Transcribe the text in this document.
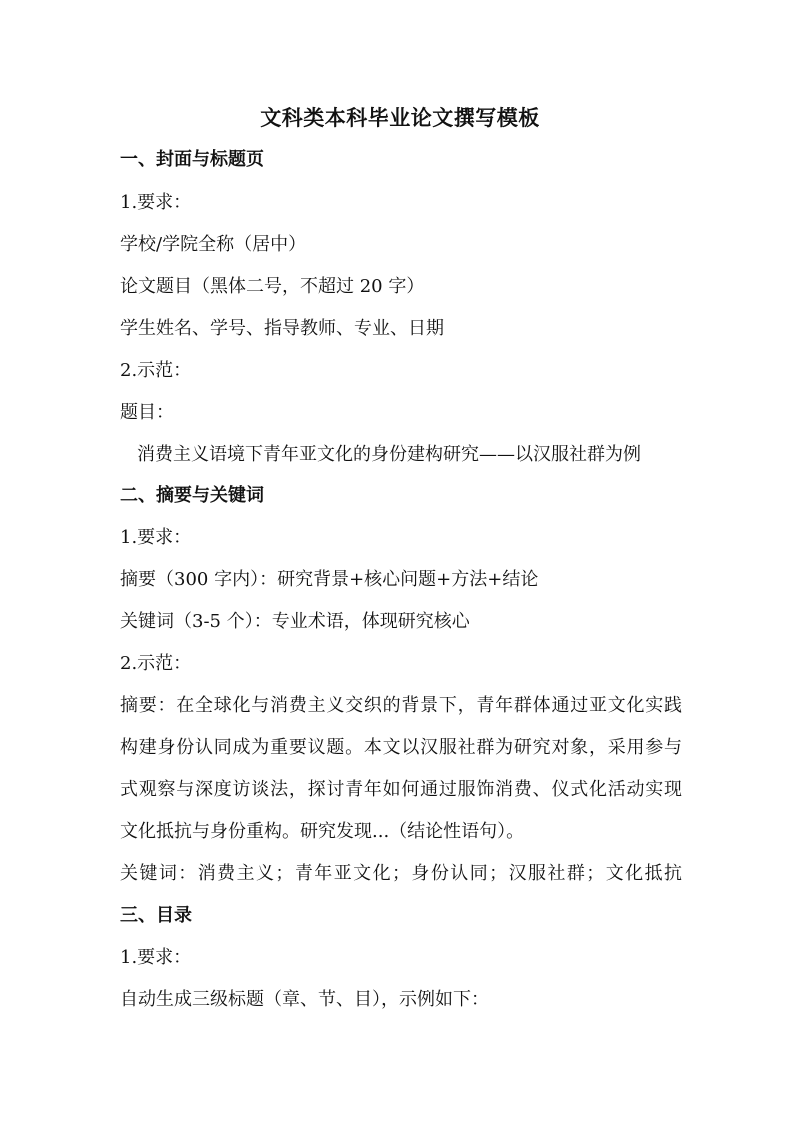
文科类本科毕业论文撰写模板
一、封面与标题页
1.要求：
学校/学院全称（居中）
论文题目（黑体二号，不超过 20 字）
学生姓名、学号、指导教师、专业、日期
2.示范：
题目：
消费主义语境下青年亚文化的身份建构研究——以汉服社群为例
二、摘要与关键词
1.要求：
摘要（300 字内）：研究背景+核心问题+方法+结论
关键词（3-5 个）：专业术语，体现研究核心
2.示范：
摘要：在全球化与消费主义交织的背景下，青年群体通过亚文化实践
构建身份认同成为重要议题。本文以汉服社群为研究对象，采用参与
式观察与深度访谈法，探讨青年如何通过服饰消费、仪式化活动实现
文化抵抗与身份重构。研究发现...（结论性语句）。
关键词：消费主义；青年亚文化；身份认同；汉服社群；文化抵抗
三、目录
1.要求：
自动生成三级标题（章、节、目），示例如下：
